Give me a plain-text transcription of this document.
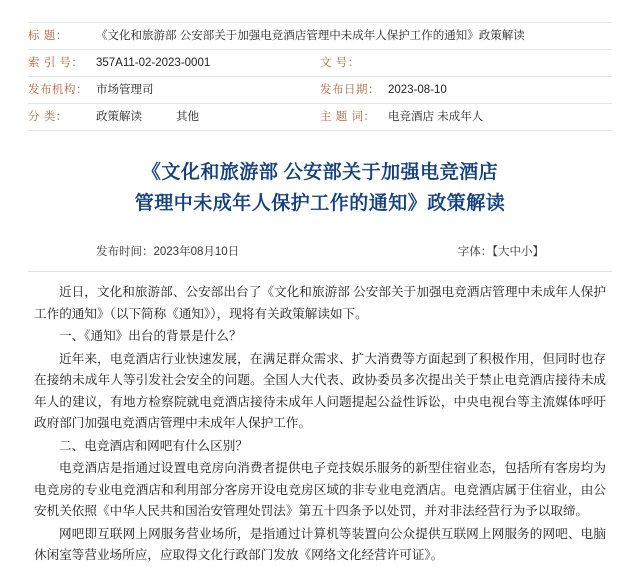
标 题：	《文化和旅游部 公安部关于加强电竞酒店管理中未成年人保护工作的通知》政策解读
索 引 号：	357A11-02-2023-0001	文 号：
发布机构： 市场管理司	发布日期： 2023-08-10
分 类：	政策解读	其他	主 题 词：	电竞酒店 未成年人
《文化和旅游部 公安部关于加强电竞酒店
管理中未成年人保护工作的通知》政策解读
发布时间：2023年08月10日	字体：【大中小】

近日，文化和旅游部、公安部出台了《文化和旅游部 公安部关于加强电竞酒店管理中未成年人保护工作的通知》（以下简称《通知》），现将有关政策解读如下。

一、《通知》出台的背景是什么？

近年来，电竞酒店行业快速发展，在满足群众需求、扩大消费等方面起到了积极作用，但同时也存在接纳未成年人等引发社会安全的问题。全国人大代表、政协委员多次提出关于禁止电竞酒店接待未成年人的建议，有地方检察院就电竞酒店接待未成年人问题提起公益性诉讼，中央电视台等主流媒体呼吁政府部门加强电竞酒店管理中未成年人保护工作。

二、电竞酒店和网吧有什么区别？

电竞酒店是指通过设置电竞房向消费者提供电子竞技娱乐服务的新型住宿业态，包括所有客房均为电竞房的专业电竞酒店和利用部分客房开设电竞房区域的非专业电竞酒店。电竞酒店属于住宿业，由公安机关依照《中华人民共和国治安管理处罚法》第五十四条予以处罚，并对非法经营行为予以取缔。

网吧即互联网上网服务营业场所，是指通过计算机等装置向公众提供互联网上网服务的网吧、电脑休闲室等营业场所应，应取得文化行政部门发放《网络文化经营许可证》。
